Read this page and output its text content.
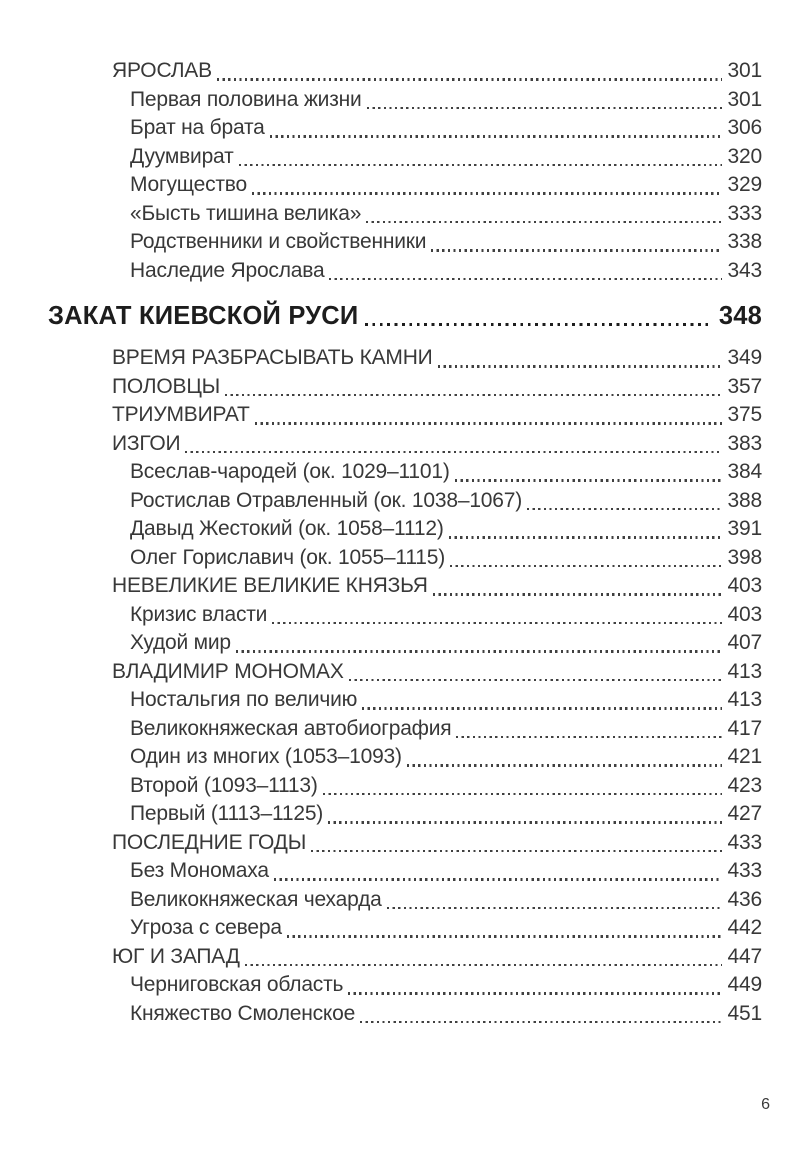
ЯРОСЛАВ	301
Первая половина жизни	301
Брат на брата	306
Дуумвират	320
Могущество	329
«Бысть тишина велика»	333
Родственники и свойственники	338
Наследие Ярослава	343
ЗАКАТ КИЕВСКОЙ РУСИ	348
ВРЕМЯ РАЗБРАСЫВАТЬ КАМНИ	349
ПОЛОВЦЫ	357
ТРИУМВИРАТ	375
ИЗГОИ	383
Всеслав-чародей (ок. 1029–1101)	384
Ростислав Отравленный (ок. 1038–1067)	388
Давыд Жестокий (ок. 1058–1112)	391
Олег Гориславич (ок. 1055–1115)	398
НЕВЕЛИКИЕ ВЕЛИКИЕ КНЯЗЬЯ	403
Кризис власти	403
Худой мир	407
ВЛАДИМИР МОНОМАХ	413
Ностальгия по величию	413
Великокняжеская автобиография	417
Один из многих (1053–1093)	421
Второй (1093–1113)	423
Первый (1113–1125)	427
ПОСЛЕДНИЕ ГОДЫ	433
Без Мономаха	433
Великокняжеская чехарда	436
Угроза с севера	442
ЮГ И ЗАПАД	447
Черниговская область	449
Княжество Смоленское	451
6
